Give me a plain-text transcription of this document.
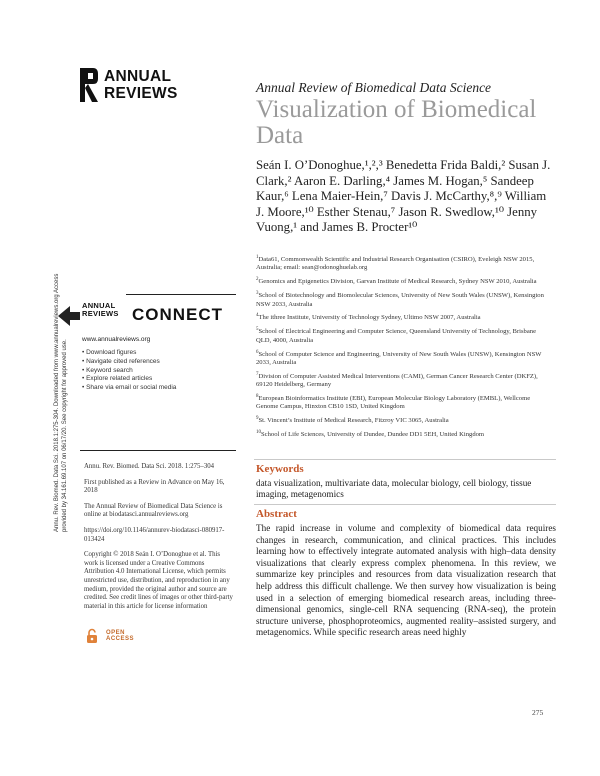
ANNUAL
REVIEWS	Annual Review of Biomedical Data Science
Visualization of Biomedical Data
Seán I. O’Donoghue,¹,²,³ Benedetta Frida Baldi,² Susan J. Clark,² Aaron E. Darling,⁴ James M. Hogan,⁵ Sandeep Kaur,⁶ Lena Maier-Hein,⁷ Davis J. McCarthy,⁸,⁹ William J. Moore,¹⁰ Esther Stenau,⁷ Jason R. Swedlow,¹⁰ Jenny Vuong,¹ and James B. Procter¹⁰
$^1$Data61, Commonwealth Scientific and Industrial Research Organisation (CSIRO), Eveleigh NSW 2015, Australia; email: sean@odonoghuelab.org
$^2$Genomics and Epigenetics Division, Garvan Institute of Medical Research, Sydney NSW 2010, Australia
$^3$School of Biotechnology and Biomolecular Sciences, University of New South Wales (UNSW), Kensington NSW 2033, Australia
$^4$The ithree Institute, University of Technology Sydney, Ultimo NSW 2007, Australia
$^5$School of Electrical Engineering and Computer Science, Queensland University of Technology, Brisbane QLD, 4000, Australia
$^6$School of Computer Science and Engineering, University of New South Wales (UNSW), Kensington NSW 2033, Australia
$^7$Division of Computer Assisted Medical Interventions (CAMI), German Cancer Research Center (DKFZ), 69120 Heidelberg, Germany
$^8$European Bioinformatics Institute (EBI), European Molecular Biology Laboratory (EMBL), Wellcome Genome Campus, Hinxton CB10 1SD, United Kingdom
$^9$St. Vincent’s Institute of Medical Research, Fitzroy VIC 3065, Australia
$^{10}$School of Life Sciences, University of Dundee, Dundee DD1 5EH, United Kingdom
Annu. Rev. Biomed. Data Sci. 2018.1:275-304. Downloaded from www.annualreviews.org Access provided by 34.161.69.107 on 06/17/20. See copyright for approved use.
ANNUAL
REVIEWS CONNECT
www.annualreviews.org
• Download figures
• Navigate cited references
• Keyword search
• Explore related articles
• Share via email or social media

Annu. Rev. Biomed. Data Sci. 2018. 1:275–304

First published as a Review in Advance on May 16, 2018

The Annual Review of Biomedical Data Science is online at biodatasci.annualreviews.org

https://doi.org/10.1146/annurev-biodatasci-080917-013424

Copyright © 2018 Seán I. O’Donoghue et al. This work is licensed under a Creative Commons Attribution 4.0 International License, which permits unrestricted use, distribution, and reproduction in any medium, provided the original author and source are credited. See credit lines of images or other third-party material in this article for license information

OPEN ACCESS
Keywords
data visualization, multivariate data, molecular biology, cell biology, tissue imaging, metagenomics
Abstract
The rapid increase in volume and complexity of biomedical data requires changes in research, communication, and clinical practices. This includes learning how to effectively integrate automated analysis with high–data density visualizations that clearly express complex phenomena. In this review, we summarize key principles and resources from data visualization research that help address this difficult challenge. We then survey how visualization is being used in a selection of emerging biomedical research areas, including three-dimensional genomics, single-cell RNA sequencing (RNA-seq), the protein structure universe, phosphoproteomics, augmented reality–assisted surgery, and metagenomics. While specific research areas need highly
275
